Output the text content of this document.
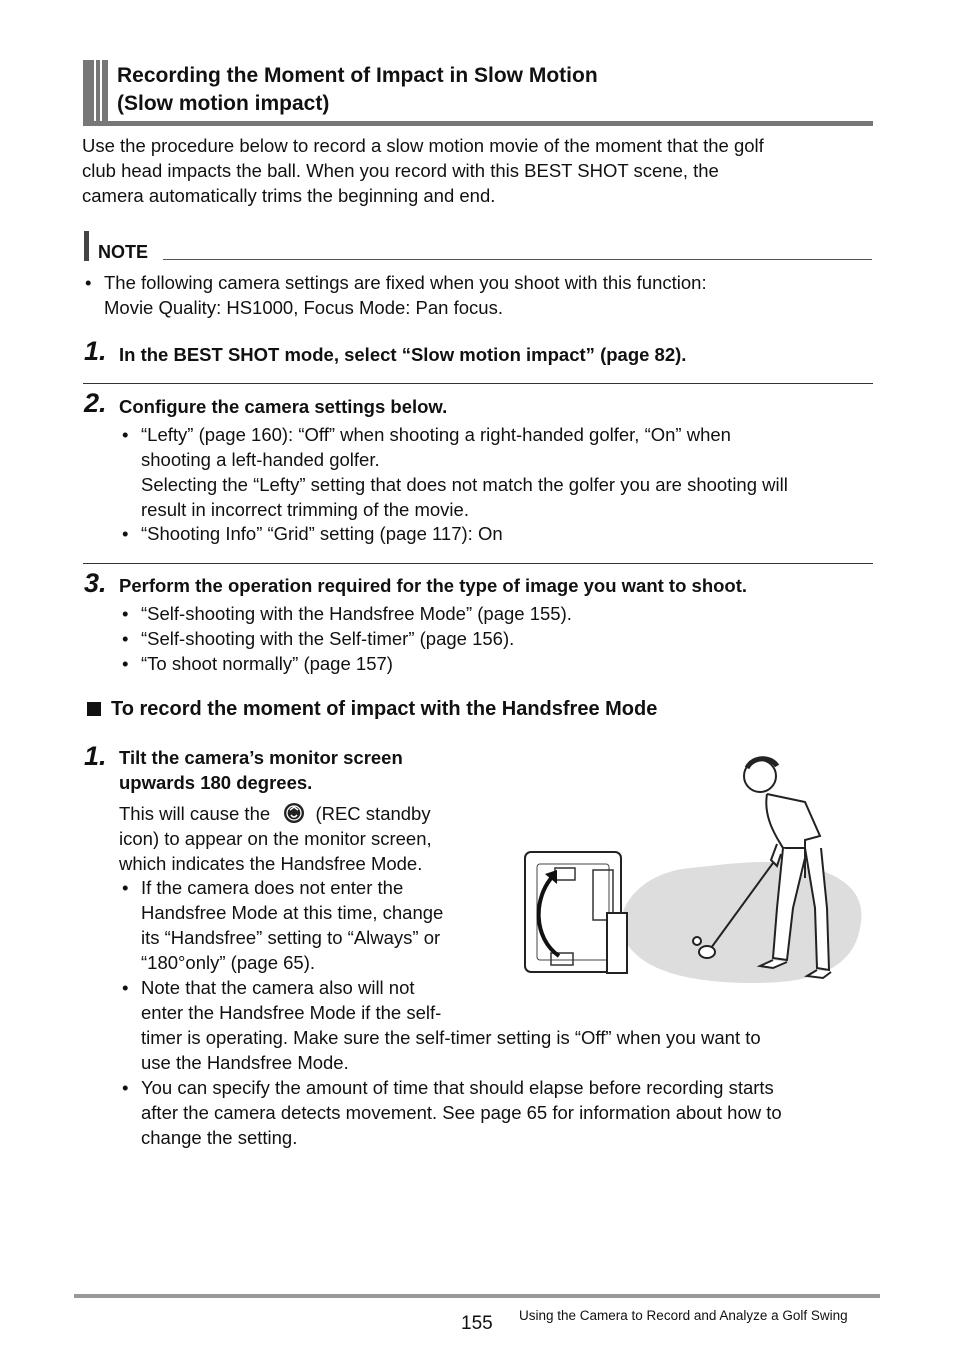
Recording the Moment of Impact in Slow Motion
(Slow motion impact)
Use the procedure below to record a slow motion movie of the moment that the golf
club head impacts the ball. When you record with this BEST SHOT scene, the
camera automatically trims the beginning and end.
NOTE
• The following camera settings are fixed when you shoot with this function:
Movie Quality: HS1000, Focus Mode: Pan focus.
1. In the BEST SHOT mode, select “Slow motion impact” (page 82).
2. Configure the camera settings below.
• “Lefty” (page 160): “Off” when shooting a right-handed golfer, “On” when
shooting a left-handed golfer.
Selecting the “Lefty” setting that does not match the golfer you are shooting will
result in incorrect trimming of the movie.
• “Shooting Info” “Grid” setting (page 117): On
3. Perform the operation required for the type of image you want to shoot.
• “Self-shooting with the Handsfree Mode” (page 155).
• “Self-shooting with the Self-timer” (page 156).
• “To shoot normally” (page 157)
To record the moment of impact with the Handsfree Mode
1. Tilt the camera’s monitor screen
upwards 180 degrees.
This will cause the (REC standby
icon) to appear on the monitor screen,
which indicates the Handsfree Mode.
• If the camera does not enter the
Handsfree Mode at this time, change
its “Handsfree” setting to “Always” or
“180°only” (page 65).
• Note that the camera also will not
enter the Handsfree Mode if the self-
timer is operating. Make sure the self-timer setting is “Off” when you want to
use the Handsfree Mode.
• You can specify the amount of time that should elapse before recording starts
after the camera detects movement. See page 65 for information about how to
change the setting.
155 Using the Camera to Record and Analyze a Golf Swing
